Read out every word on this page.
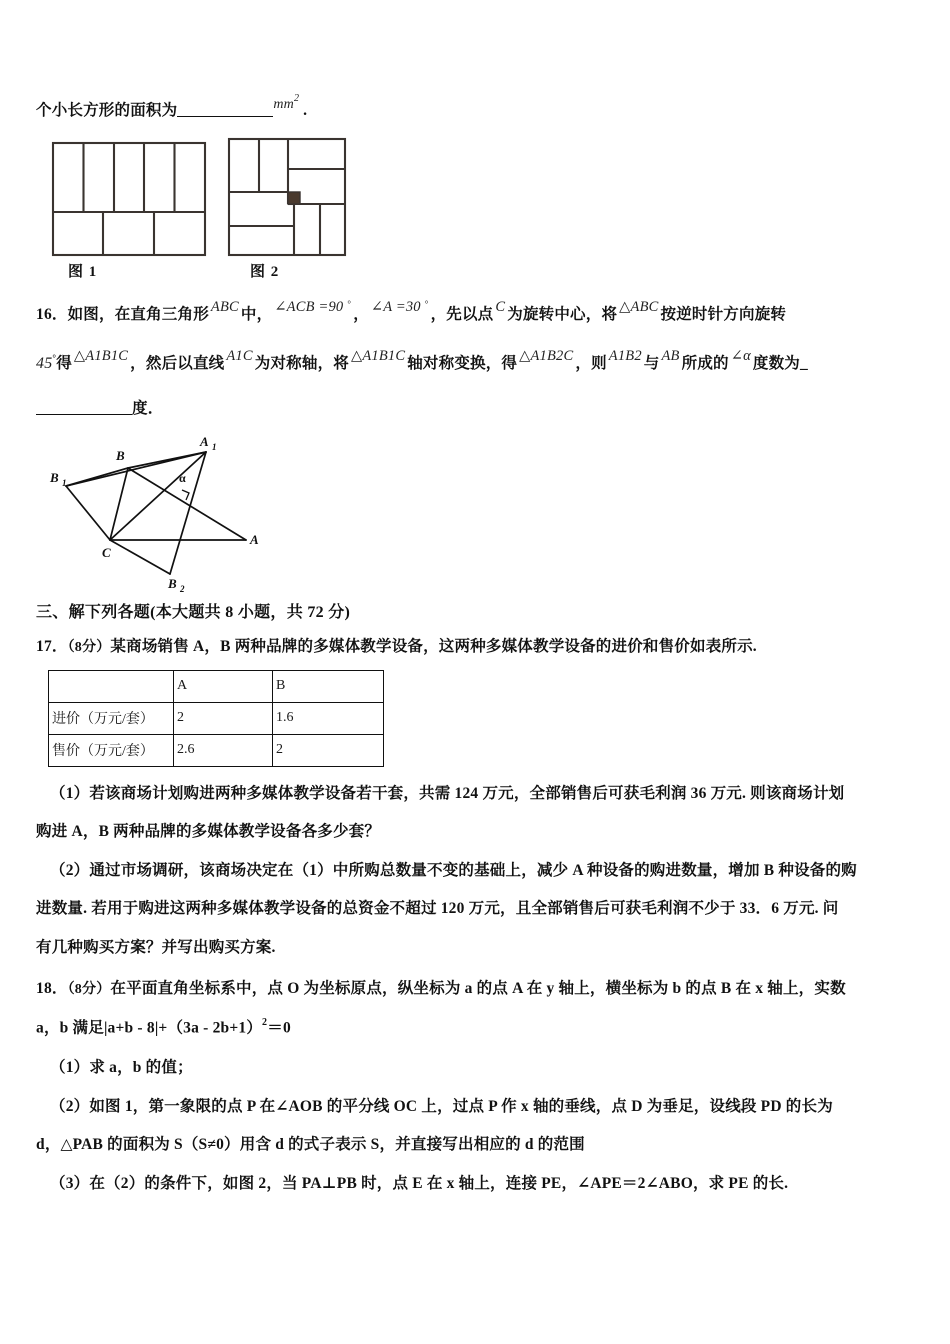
个小长方形的面积为	$mm^2$.
图 1	图 2
16．如图，在直角三角形 ABC 中， ∠ACB =90 °， ∠A =30 °，先以点 C 为旋转中心，将 △ABC 按逆时针方向旋转
45°得 △A1B1C ，然后以直线 A1C 为对称轴，将 △A1B1C 轴对称变换，得 △A1B2C ，则 A1B2 与 AB 所成的 ∠α 度数为_
度．
B
A 1
B 1	α
C
A
B 2
三、解下列各题(本大题共 8 小题，共 72 分)
17．（8分）某商场销售 A，B 两种品牌的多媒体教学设备，这两种多媒体教学设备的进价和售价如表所示.
	A	B
进价（万元/套）	2	1.6
售价（万元/套）	2.6	2
（1）若该商场计划购进两种多媒体教学设备若干套，共需 124 万元，全部销售后可获毛利润 36 万元. 则该商场计划
购进 A，B 两种品牌的多媒体教学设备各多少套？
（2）通过市场调研，该商场决定在（1）中所购总数量不变的基础上，减少 A 种设备的购进数量，增加 B 种设备的购
进数量. 若用于购进这两种多媒体教学设备的总资金不超过 120 万元，且全部销售后可获毛利润不少于 33．6 万元. 问
有几种购买方案？并写出购买方案.
18．（8分）在平面直角坐标系中，点 O 为坐标原点，纵坐标为 a 的点 A 在 y 轴上，横坐标为 b 的点 B 在 x 轴上，实数
a，b 满足$|a+b - 8|+(3a - 2b+1)^2=0$
（1）求 a，b 的值；
（2）如图 1，第一象限的点 P 在∠AOB 的平分线 OC 上，过点 P 作 x 轴的垂线，点 D 为垂足，设线段 PD 的长为
d，△PAB 的面积为 S（S≠0）用含 d 的式子表示 S，并直接写出相应的 d 的范围
（3）在（2）的条件下，如图 2，当 PA⊥PB 时，点 E 在 x 轴上，连接 PE，∠APE＝2∠ABO，求 PE 的长.
